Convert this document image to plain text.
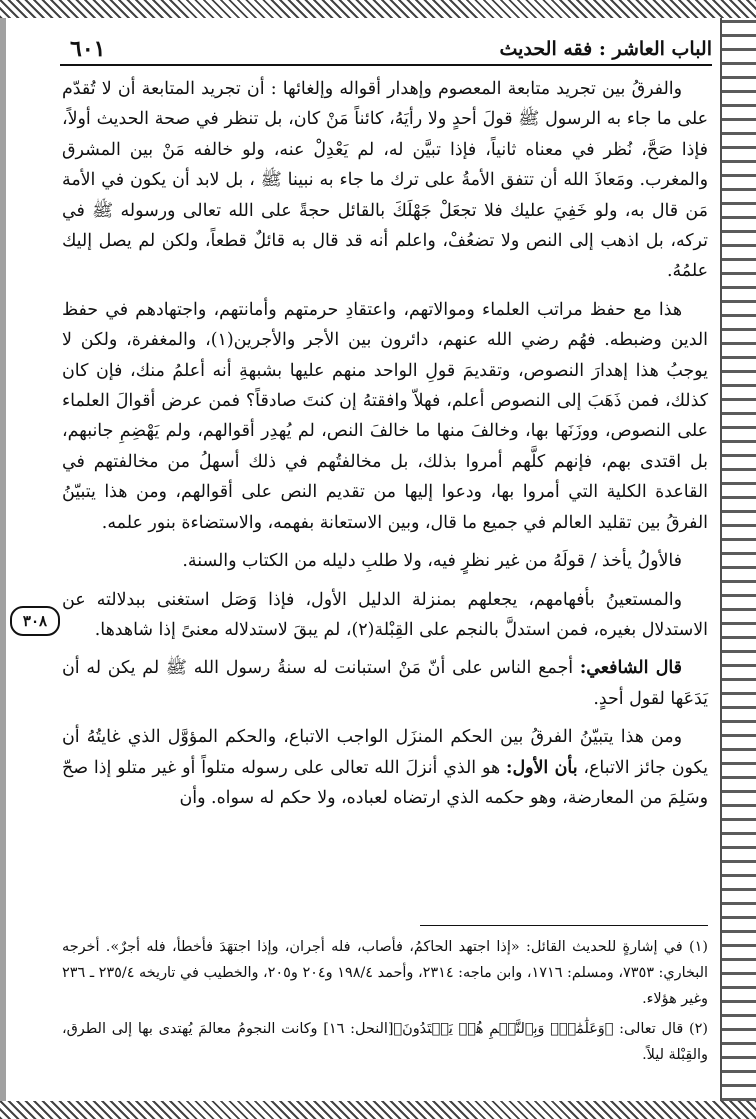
الباب العاشر : فقه الحديث
٦٠١
٣٠٨

والفرقُ بين تجريد متابعة المعصوم وإهدار أقواله وإلغائها : أن تجريد المتابعة أن لا تُقدّم على ما جاء به الرسول ﷺ قولَ أحدٍ ولا رأيَهُ، كائناً مَنْ كان، بل تنظر في صحة الحديث أولاً، فإذا صَحَّ، نُظر في معناه ثانياً، فإذا تبيَّن له، لم يَعْدِلْ عنه، ولو خالفه مَنْ بين المشرق والمغرب. ومَعاذَ الله أن تتفق الأمةُ على ترك ما جاء به نبينا ﷺ ، بل لابد أن يكون في الأمة مَن قال به، ولو خَفِيَ عليك فلا تجعَلْ جَهْلَكَ بالقائل حجةً على الله تعالى ورسوله ﷺ في تركه، بل اذهب إلى النص ولا تضعُفْ، واعلم أنه قد قال به قائلٌ قطعاً، ولكن لم يصل إليك علمُهُ.

هذا مع حفظ مراتب العلماء وموالاتهم، واعتقادِ حرمتهم وأمانتهم، واجتهادهم في حفظ الدين وضبطه. فهُم رضي الله عنهم، دائرون بين الأجر والأجرين(١)، والمغفرة، ولكن لا يوجبُ هذا إهدارَ النصوص، وتقديمَ قولِ الواحد منهم عليها بشبهةِ أنه أعلمُ منك، فإن كان كذلك، فمن ذَهَبَ إلى النصوص أعلم، فهلاّ وافقتهُ إن كنتَ صادقاً؟ فمن عرض أقوالَ العلماء على النصوص، ووزَنَها بها، وخالفَ منها ما خالفَ النص، لم يُهدِر أقوالهم، ولم يَهْضِمِ جانبهم، بل اقتدى بهم، فإنهم كلَّهم أمروا بذلك، بل مخالفتُهم في ذلك أسهلُ من مخالفتهم في القاعدة الكلية التي أمروا بها، ودعوا إليها من تقديم النص على أقوالهم، ومن هذا يتبيّنُ الفرقُ بين تقليد العالم في جميع ما قال، وبين الاستعانة بفهمه، والاستضاءة بنور علمه.

فالأولُ يأخذ / قولَهُ من غير نظرٍ فيه، ولا طلبِ دليله من الكتاب والسنة.

والمستعينُ بأفهامهم، يجعلهم بمنزلة الدليل الأول، فإذا وَصَل استغنى ببدلالته عن الاستدلال بغيره، فمن استدلَّ بالنجم على القِبْلة(٢)، لم يبقَ لاستدلاله معنىً إذا شاهدها.

قال الشافعي: أجمع الناس على أنّ مَنْ استبانت له سنةُ رسول الله ﷺ لم يكن له أن يَدَعَها لقول أحدٍ.

ومن هذا يتبيّنُ الفرقُ بين الحكم المنزَل الواجب الاتباع، والحكم المؤوَّل الذي غايتُهُ أن يكون جائز الاتباع، بأن الأول: هو الذي أنزلَ الله تعالى على رسوله متلواً أو غير متلو إذا صحّ وسَلِمَ من المعارضة، وهو حكمه الذي ارتضاه لعباده، ولا حكم له سواه. وأن

(١) في إشارةٍ للحديث القائل: «إذا اجتهد الحاكمُ، فأصاب، فله أجران، وإذا اجتهَدَ فأخطأ، فله أجرٌ». أخرجه البخاري: ٧٣٥٣، ومسلم: ١٧١٦، وابن ماجه: ٢٣١٤، وأحمد ١٩٨/٤ و٢٠٤ و٢٠٥، والخطيب في تاريخه ٢٣٥/٤ ـ ٢٣٦ وغير هؤلاء.

(٢) قال تعالى: ﴿وَعَلَٰمَٰتٍۚ وَبِٱلنَّجۡمِ هُمۡ يَهۡتَدُونَ﴾[النحل: ١٦] وكانت النجومُ معالمَ يُهتدى بها إلى الطرق، والقِبْلة ليلاً.
